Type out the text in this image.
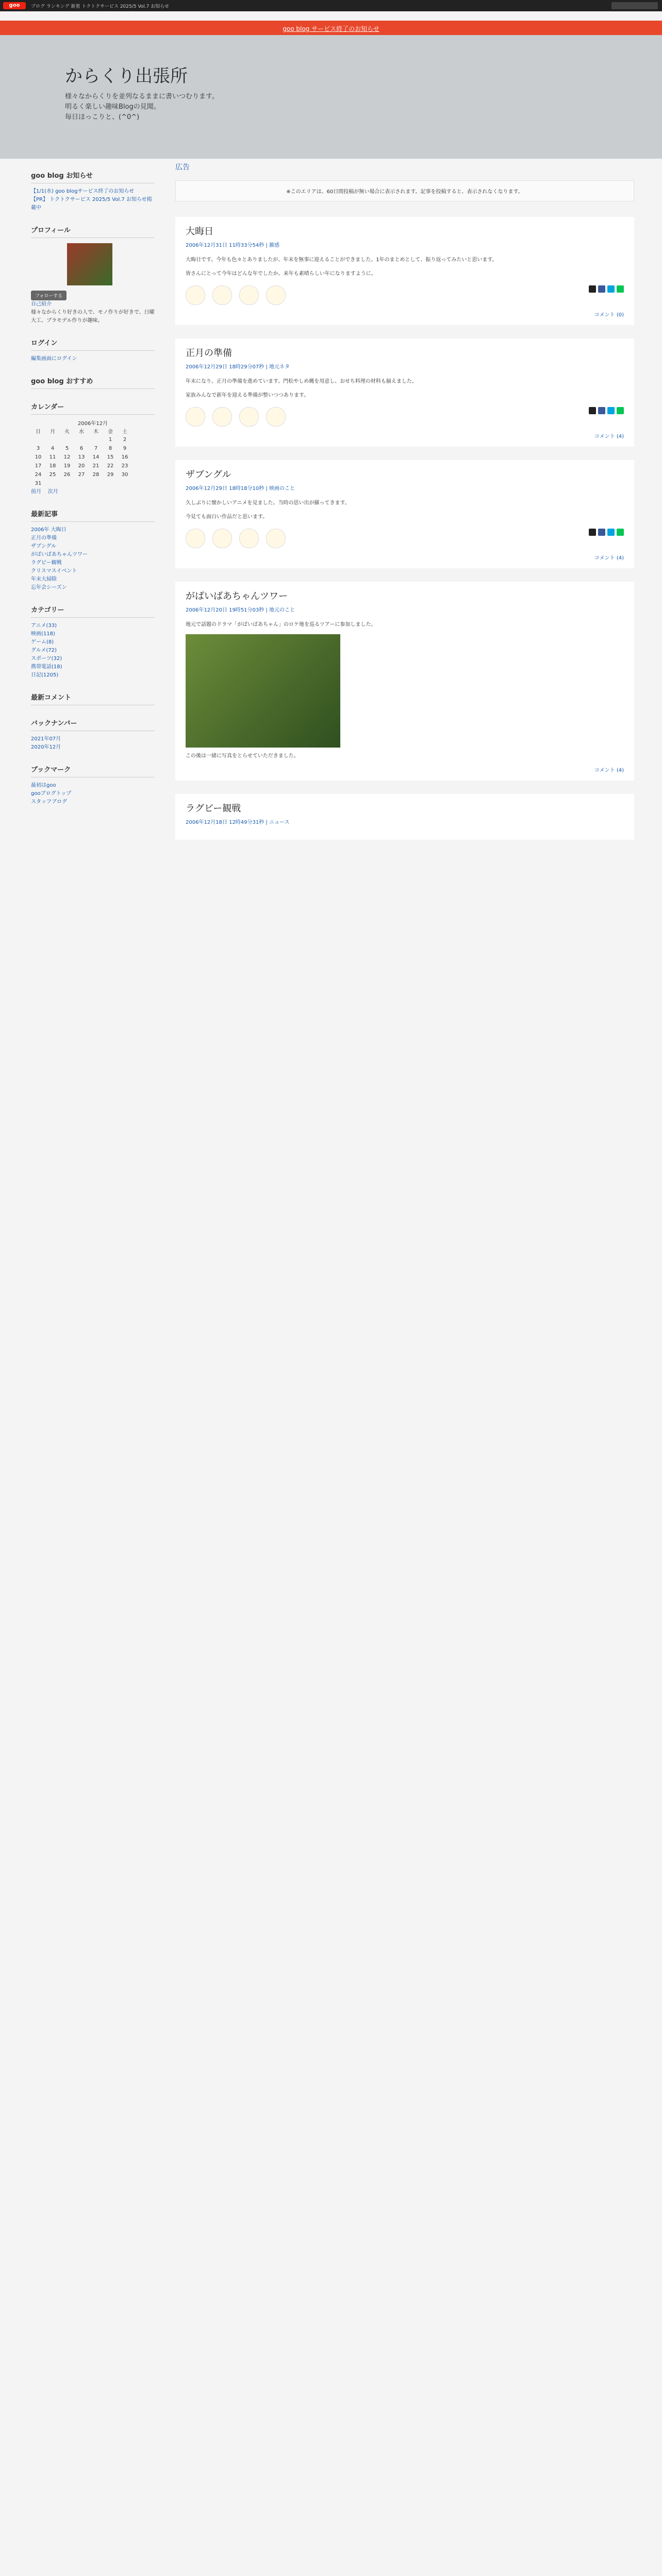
goo	ブログ ランキング 新着 トクトクサービス 2025/5 Vol.7 お知らせ
goo blog サービス終了のお知らせ
からくり出張所
様々なからくりを並列なるままに書いつむります。
明るく楽しい趣味Blogの見聞。
毎日ほっこりと、(^0^)
goo blog お知らせ
【1/1(水) goo blogサービス終了のお知らせ
【PR】 トクトクサービス 2025/5 Vol.7 お知らせ掲載中
プロフィール
フォローする
自己紹介
様々なからくり好きの人で、モノ作りが好きで、日曜大工、プラモデル作りが趣味。
ログイン
編集画面にログイン
goo blog おすすめ
カレンダー
2006年12月
日	月	火	水	木	金	土
					1	2
3	4	5	6	7	8	9
10	11	12	13	14	15	16
17	18	19	20	21	22	23
24	25	26	27	28	29	30
31						
前月 次月
最新記事
2006年 大晦日
正月の準備
ザブングル
がばいばあちゃんツワー
ラグビー観戦
クリスマスイベント
年末大掃除
忘年会シーズン
カテゴリー
アニメ(33)
映画(118)
ゲーム(8)
グルメ(72)
スポーツ(32)
携帯電話(18)
日記(1205)
最新コメント
バックナンバー
2021年07月
2020年12月
ブックマーク
最初はgoo
gooブログトップ
スタッフブログ
広告
※このエリアは、60日間投稿が無い場合に表示されます。記事を投稿すると、表示されなくなります。
大晦日
2006年12月31日 11時33分54秒 | 雑感

大晦日です。今年も色々とありましたが、年末を無事に迎えることができました。1年のまとめとして、振り返ってみたいと思います。

皆さんにとって今年はどんな年でしたか。来年も素晴らしい年になりますように。

コメント (0)
正月の準備
2006年12月29日 18時29分07秒 | 地元ネタ

年末になり、正月の準備を進めています。門松やしめ縄を用意し、おせち料理の材料も揃えました。

家族みんなで新年を迎える準備が整いつつあります。

コメント (4)
ザブングル
2006年12月29日 18時18分10秒 | 映画のこと

久しぶりに懐かしいアニメを見ました。当時の思い出が蘇ってきます。

今見ても面白い作品だと思います。

コメント (4)
がばいばあちゃんツワー
2006年12月20日 19時51分03秒 | 地元のこと

地元で話題のドラマ「がばいばあちゃん」のロケ地を巡るツアーに参加しました。

この後は一緒に写真をとらせていただきました。

コメント (4)
ラグビー観戦
2006年12月18日 12時49分31秒 | ニュース
